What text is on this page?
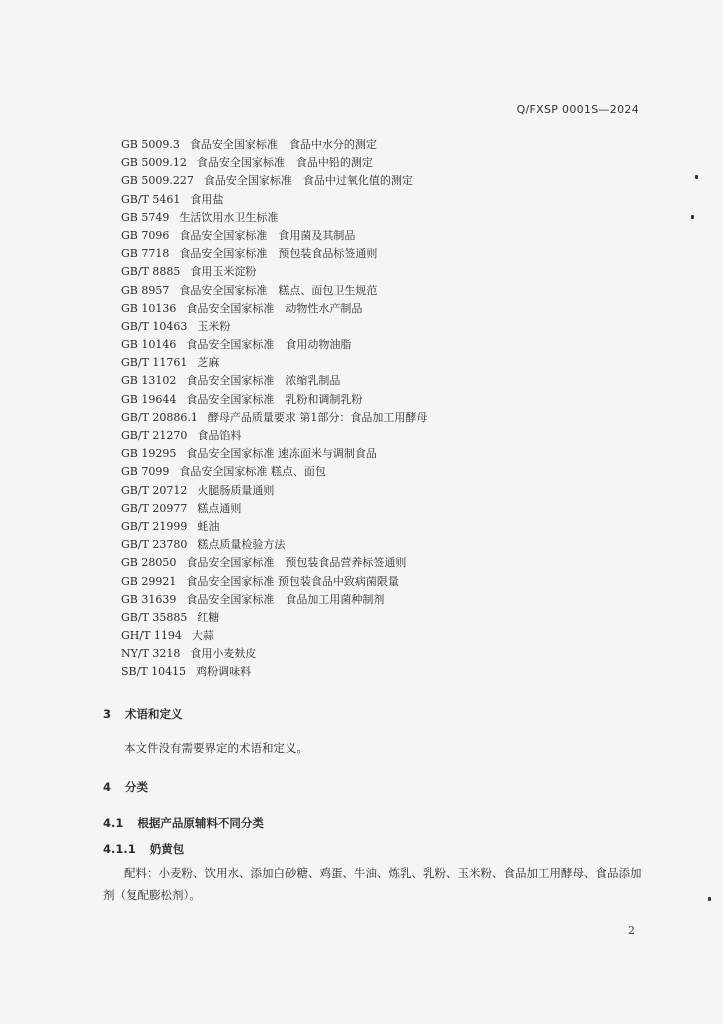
Q/FXSP 0001S—2024
GB 5009.3 食品安全国家标准　食品中水分的测定
GB 5009.12 食品安全国家标准　食品中铅的测定
GB 5009.227 食品安全国家标准　食品中过氧化值的测定
GB/T 5461 食用盐
GB 5749 生活饮用水卫生标准
GB 7096 食品安全国家标准　食用菌及其制品
GB 7718 食品安全国家标准　预包装食品标签通则
GB/T 8885 食用玉米淀粉
GB 8957 食品安全国家标准　糕点、面包卫生规范
GB 10136 食品安全国家标准　动物性水产制品
GB/T 10463 玉米粉
GB 10146 食品安全国家标准　食用动物油脂
GB/T 11761 芝麻
GB 13102 食品安全国家标准　浓缩乳制品
GB 19644 食品安全国家标准　乳粉和调制乳粉
GB/T 20886.1 酵母产品质量要求 第1部分：食品加工用酵母
GB/T 21270 食品馅料
GB 19295 食品安全国家标准 速冻面米与调制食品
GB 7099 食品安全国家标准 糕点、面包
GB/T 20712 火腿肠质量通则
GB/T 20977 糕点通则
GB/T 21999 蚝油
GB/T 23780 糕点质量检验方法
GB 28050 食品安全国家标准　预包装食品营养标签通则
GB 29921 食品安全国家标准 预包装食品中致病菌限量
GB 31639 食品安全国家标准　食品加工用菌种制剂
GB/T 35885 红糖
GH/T 1194 大蒜
NY/T 3218 食用小麦麸皮
SB/T 10415 鸡粉调味料
3 术语和定义
本文件没有需要界定的术语和定义。
4 分类
4.1 根据产品原辅料不同分类
4.1.1 奶黄包
配料：小麦粉、饮用水、添加白砂糖、鸡蛋、牛油、炼乳、乳粉、玉米粉、食品加工用酵母、食品添加剂（复配膨松剂）。
2
